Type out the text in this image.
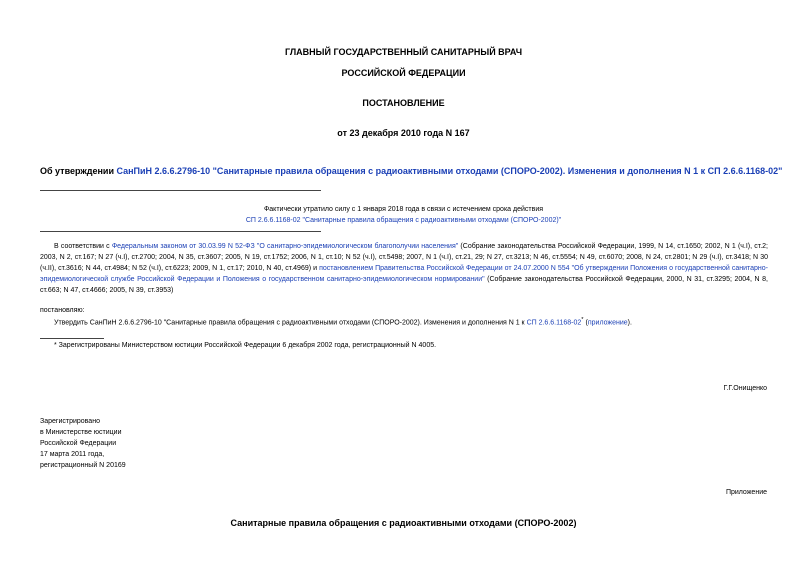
ГЛАВНЫЙ ГОСУДАРСТВЕННЫЙ САНИТАРНЫЙ ВРАЧ
РОССИЙСКОЙ ФЕДЕРАЦИИ
ПОСТАНОВЛЕНИЕ
от 23 декабря 2010 года N 167
Об утверждении СанПиН 2.6.6.2796-10 "Санитарные правила обращения с радиоактивными отходами (СПОРО-2002). Изменения и дополнения N 1 к СП 2.6.6.1168-02"
Фактически утратило силу с 1 января 2018 года в связи с истечением срока действия
СП 2.6.6.1168-02 "Санитарные правила обращения с радиоактивными отходами (СПОРО-2002)"
В соответствии с Федеральным законом от 30.03.99 N 52-ФЗ "О санитарно-эпидемиологическом благополучии населения" (Собрание законодательства Российской Федерации, 1999, N 14, ст.1650; 2002, N 1 (ч.I), ст.2; 2003, N 2, ст.167; N 27 (ч.I), ст.2700; 2004, N 35, ст.3607; 2005, N 19, ст.1752; 2006, N 1, ст.10; N 52 (ч.I), ст.5498; 2007, N 1 (ч.I), ст.21, 29; N 27, ст.3213; N 46, ст.5554; N 49, ст.6070; 2008, N 24, ст.2801; N 29 (ч.I), ст.3418; N 30 (ч.II), ст.3616; N 44, ст.4984; N 52 (ч.I), ст.6223; 2009, N 1, ст.17; 2010, N 40, ст.4969) и постановлением Правительства Российской Федерации от 24.07.2000 N 554 "Об утверждении Положения о государственной санитарно-эпидемиологической службе Российской Федерации и Положения о государственном санитарно-эпидемиологическом нормировании" (Собрание законодательства Российской Федерации, 2000, N 31, ст.3295; 2004, N 8, ст.663; N 47, ст.4666; 2005, N 39, ст.3953)
постановляю:
Утвердить СанПиН 2.6.6.2796-10 "Санитарные правила обращения с радиоактивными отходами (СПОРО-2002). Изменения и дополнения N 1 к СП 2.6.6.1168-02* (приложение).
* Зарегистрированы Министерством юстиции Российской Федерации 6 декабря 2002 года, регистрационный N 4005.
Г.Г.Онищенко

Зарегистрировано

в Министерстве юстиции

Российской Федерации

17 марта 2011 года,

регистрационный N 20169

Приложение
Санитарные правила обращения с радиоактивными отходами (СПОРО-2002)
